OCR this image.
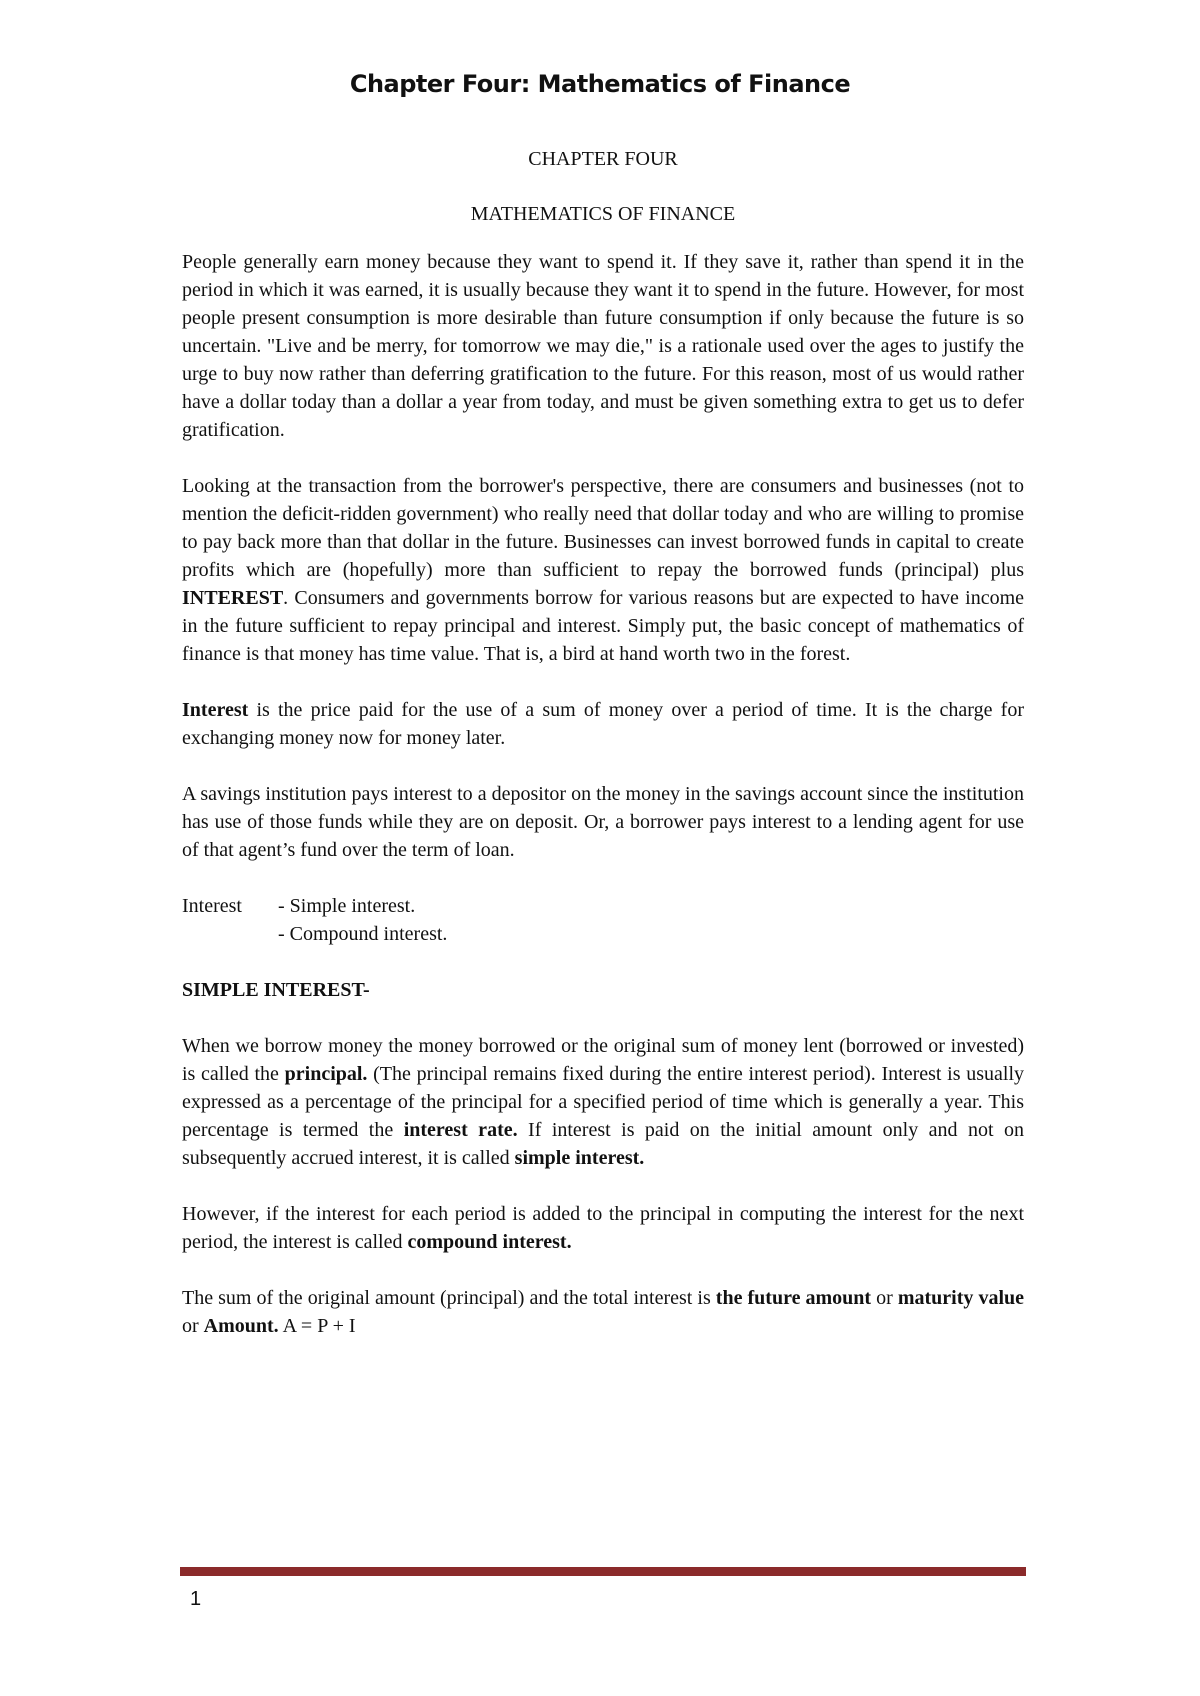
Chapter Four: Mathematics of Finance

CHAPTER FOUR

MATHEMATICS OF FINANCE

People generally earn money because they want to spend it. If they save it, rather than spend it in the period in which it was earned, it is usually because they want it to spend in the future. However, for most people present consumption is more desirable than future consumption if only because the future is so uncertain. "Live and be merry, for tomorrow we may die," is a rationale used over the ages to justify the urge to buy now rather than deferring gratification to the future. For this reason, most of us would rather have a dollar today than a dollar a year from today, and must be given something extra to get us to defer gratification.

Looking at the transaction from the borrower's perspective, there are consumers and businesses (not to mention the deficit-ridden government) who really need that dollar today and who are willing to promise to pay back more than that dollar in the future. Businesses can invest borrowed funds in capital to create profits which are (hopefully) more than sufficient to repay the borrowed funds (principal) plus INTEREST. Consumers and governments borrow for various reasons but are expected to have income in the future sufficient to repay principal and interest. Simply put, the basic concept of mathematics of finance is that money has time value. That is, a bird at hand worth two in the forest.

Interest is the price paid for the use of a sum of money over a period of time. It is the charge for exchanging money now for money later.

A savings institution pays interest to a depositor on the money in the savings account since the institution has use of those funds while they are on deposit. Or, a borrower pays interest to a lending agent for use of that agent’s fund over the term of loan.

Interest	- Simple interest.
- Compound interest.

SIMPLE INTEREST-

When we borrow money the money borrowed or the original sum of money lent (borrowed or invested) is called the principal. (The principal remains fixed during the entire interest period). Interest is usually expressed as a percentage of the principal for a specified period of time which is generally a year. This percentage is termed the interest rate. If interest is paid on the initial amount only and not on subsequently accrued interest, it is called simple interest.

However, if the interest for each period is added to the principal in computing the interest for the next period, the interest is called compound interest.

The sum of the original amount (principal) and the total interest is the future amount or maturity value or Amount. A = P + I

1
